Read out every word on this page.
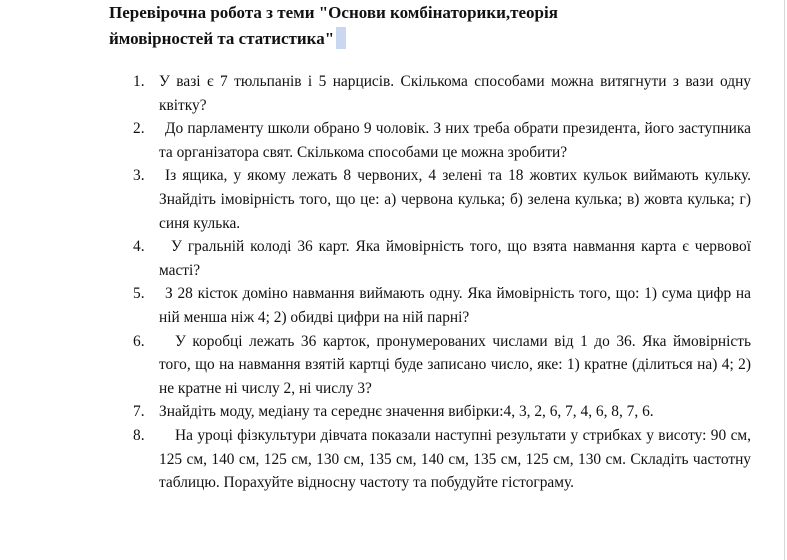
Перевірочна робота з теми "Основи комбінаторики,теорія
ймовірностей та статистика"
1. У вазі є 7 тюльпанів і 5 нарцисів. Скількома способами можна витягнути з вази одну квітку?
2. До парламенту школи обрано 9 чоловік. З них треба обрати президента, його заступника та організатора свят. Скількома способами це можна зробити?
3. Із ящика, у якому лежать 8 червоних, 4 зелені та 18 жовтих кульок виймають кульку. Знайдіть імовірність того, що це: а) червона кулька; б) зелена кулька; в) жовта кулька; г) синя кулька.
4. У гральній колоді 36 карт. Яка ймовірність того, що взята навмання карта є червової масті?
5. З 28 кісток доміно навмання виймають одну. Яка ймовірність того, що: 1) сума цифр на ній менша ніж 4; 2) обидві цифри на ній парні?
6. У коробці лежать 36 карток, пронумерованих числами від 1 до 36. Яка ймовірність того, що на навмання взятій картці буде записано число, яке: 1) кратне (ділиться на) 4; 2) не кратне ні числу 2, ні числу 3?
7. Знайдіть моду, медіану та середнє значення вибірки:4, 3, 2, 6, 7, 4, 6, 8, 7, 6.
8. На уроці фізкультури дівчата показали наступні результати у стрибках у висоту: 90 см, 125 см, 140 см, 125 см, 130 см, 135 см, 140 см, 135 см, 125 см, 130 см. Складіть частотну таблицю. Порахуйте відносну частоту та побудуйте гістограму.
